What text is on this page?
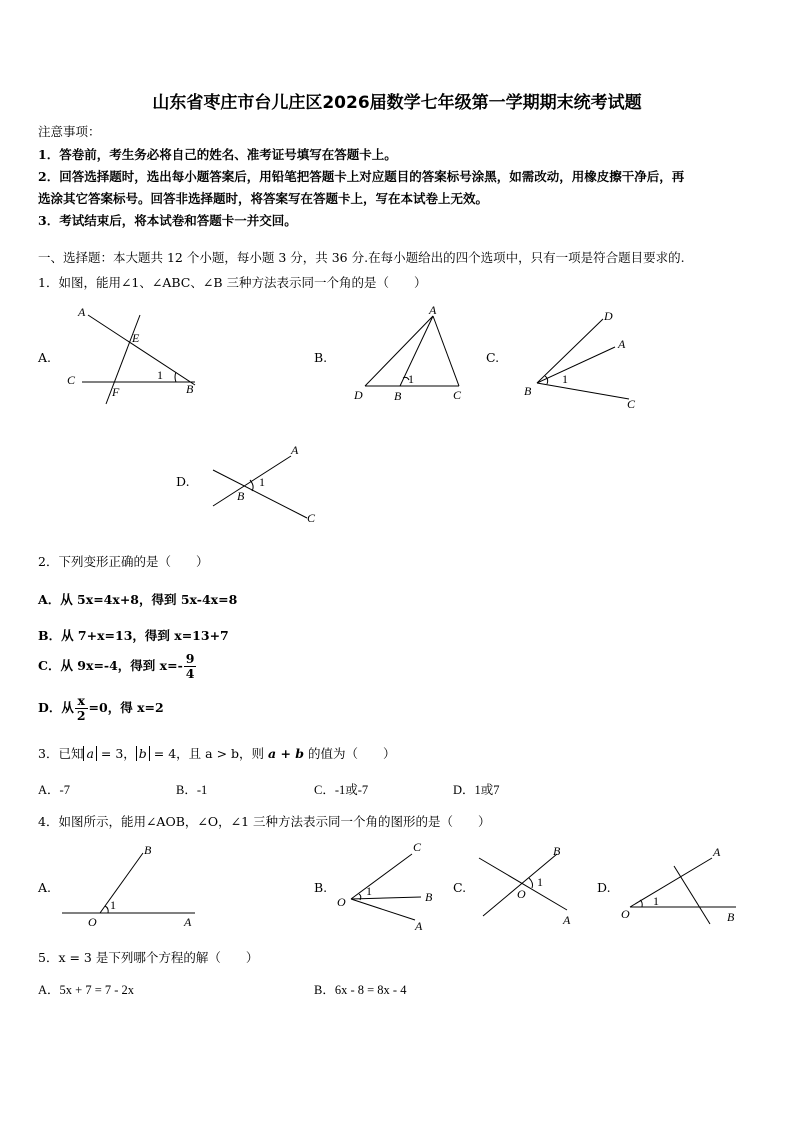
山东省枣庄市台儿庄区2026届数学七年级第一学期期末统考试题
注意事项：
1．答卷前，考生务必将自己的姓名、准考证号填写在答题卡上。
2．回答选择题时，选出每小题答案后，用铅笔把答题卡上对应题目的答案标号涂黑，如需改动，用橡皮擦干净后，再
选涂其它答案标号。回答非选择题时，将答案写在答题卡上，写在本试卷上无效。
3．考试结束后，将本试卷和答题卡一并交回。
一、选择题：本大题共 12 个小题，每小题 3 分，共 36 分.在每小题给出的四个选项中，只有一项是符合题目要求的.
1．如图，能用∠1、∠ABC、∠B 三种方法表示同一个角的是（　　）
A.
A
E
C
F	B
1
B.
A
D	B	C
1
C.
D
A
B
C
1
D.
A
B
C
1
2．下列变形正确的是（　　）
A．从 5x=4x+8，得到 5x-4x=8
B．从 7+x=13，得到 x=13+7
C．从 9x=-4，得到 $x=- \frac{9}{4}$
D．从 $\frac{x}{2} =0$，得 x=2
3．已知 a = 3， b = 4，且 a > b，则 a + b 的值为（　　）
A．-7	B．-1	C．-1或-7	D．1或7
4．如图所示，能用∠AOB，∠O，∠1 三种方法表示同一个角的图形的是（　　）
A.
B
O	A
1
B.
C
O	B
A
1	C.
B
O
A
1	D.
A
O	B
1
5．x = 3 是下列哪个方程的解（　　）
A．5x + 7 = 7 - 2x	B．6x - 8 = 8x - 4
